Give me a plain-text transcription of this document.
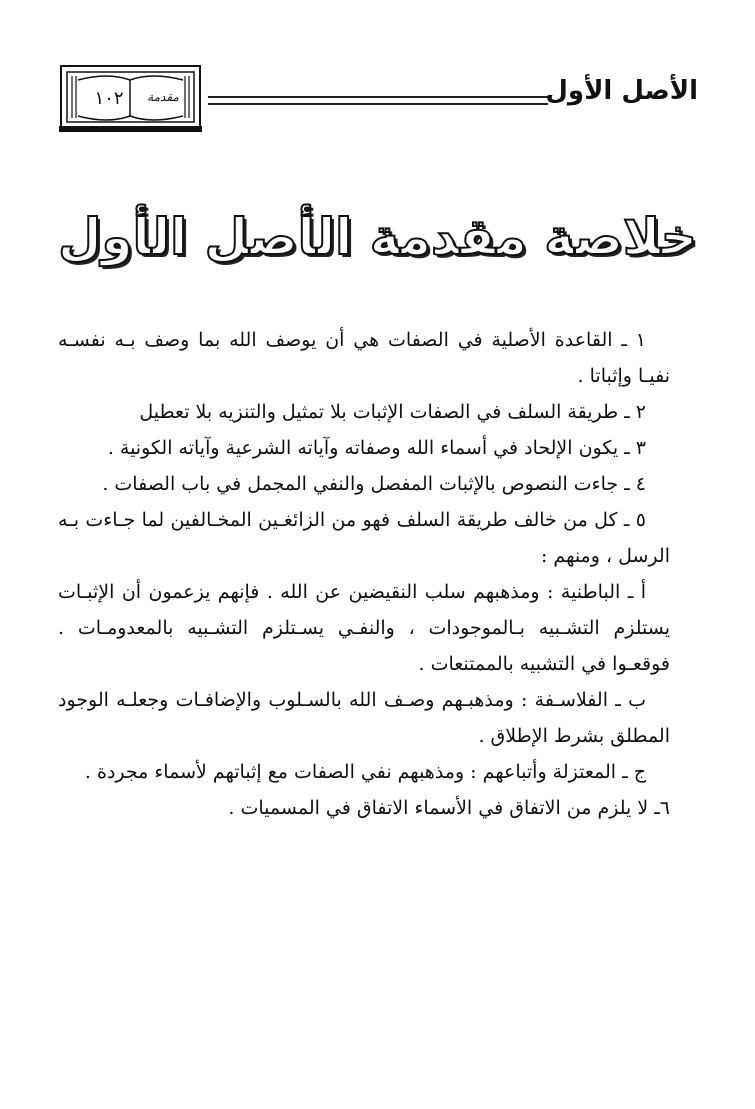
١٠٢	مقدمة	الأصل الأول
خلاصة مقدمة الأصل الأول

١ ـ القاعدة الأصلية في الصفات هي أن يوصف الله بما وصف بـه نفسـه نفيـا وإثباتا .

٢ ـ طريقة السلف في الصفات الإثبات بلا تمثيل والتنزيه بلا تعطيل

٣ ـ يكون الإلحاد في أسماء الله وصفاته وآياته الشرعية وآياته الكونية .

٤ ـ جاءت النصوص بالإثبات المفصل والنفي المجمل في باب الصفات .

٥ ـ كل من خالف طريقة السلف فهو من الزائغـين المخـالفين لما جـاءت بـه الرسل ، ومنهم :

أ ـ الباطنية : ومذهبهم سلب النقيضين عن الله . فإنهم يزعمون أن الإثبـات يستلزم التشـبيه بـالموجودات ، والنفـي يسـتلزم التشـبيه بالمعدومـات . فوقعـوا في التشبيه بالممتنعات .

ب ـ الفلاسـفة : ومذهبـهم وصـف الله بالسـلوب والإضافـات وجعلـه الوجود المطلق بشرط الإطلاق .

ج ـ المعتزلة وأتباعهم : ومذهبهم نفي الصفات مع إثباتهم لأسماء مجردة .

٦ـ لا يلزم من الاتفاق في الأسماء الاتفاق في المسميات .
